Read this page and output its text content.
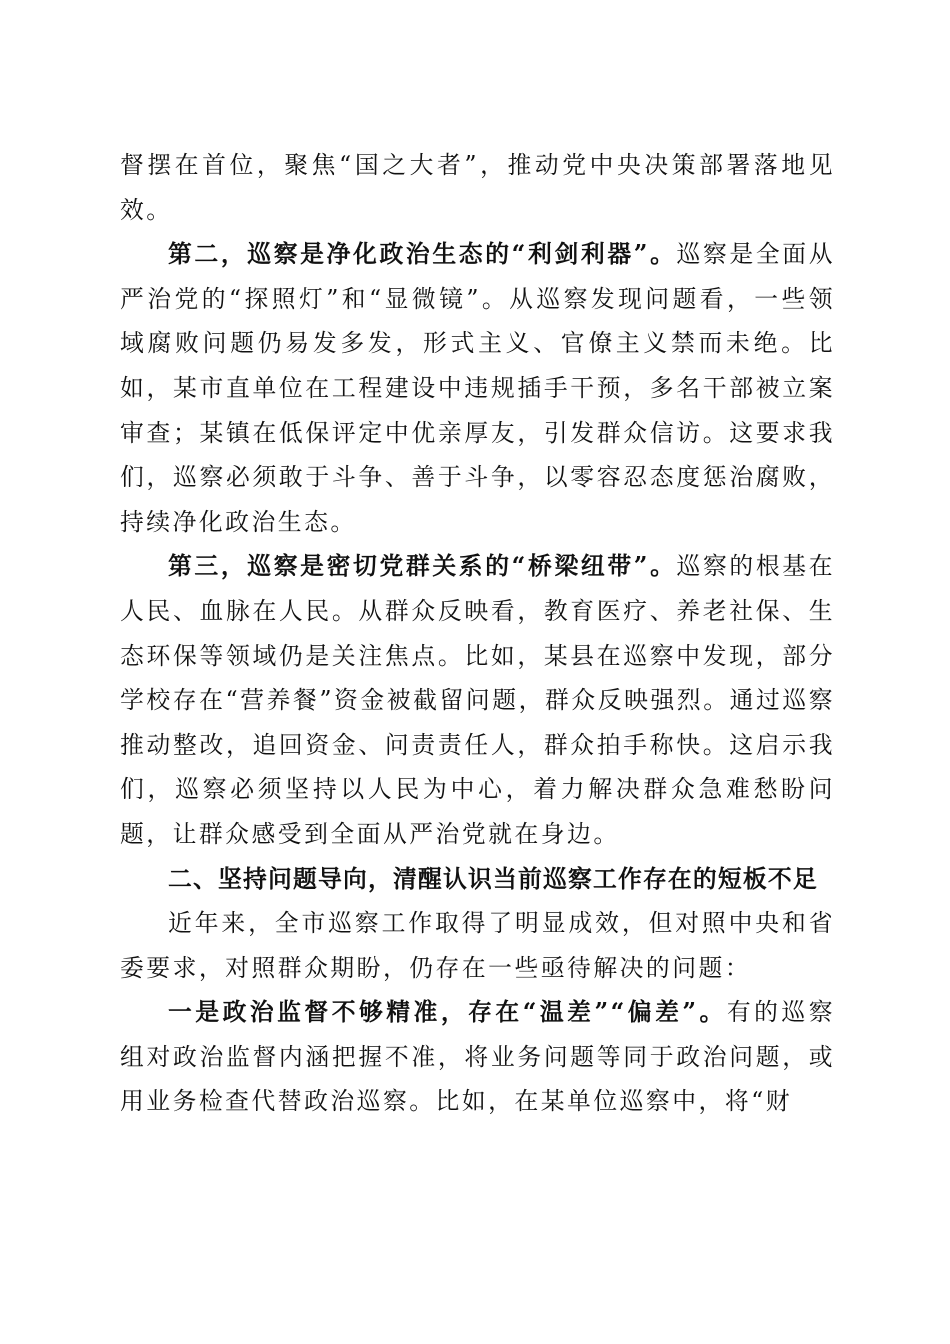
督摆在首位，聚焦“国之大者”，推动党中央决策部署落地见效。

第二，巡察是净化政治生态的“利剑利器”。巡察是全面从严治党的“探照灯”和“显微镜”。从巡察发现问题看，一些领域腐败问题仍易发多发，形式主义、官僚主义禁而未绝。比如，某市直单位在工程建设中违规插手干预，多名干部被立案审查；某镇在低保评定中优亲厚友，引发群众信访。这要求我们，巡察必须敢于斗争、善于斗争，以零容忍态度惩治腐败，持续净化政治生态。

第三，巡察是密切党群关系的“桥梁纽带”。巡察的根基在人民、血脉在人民。从群众反映看，教育医疗、养老社保、生态环保等领域仍是关注焦点。比如，某县在巡察中发现，部分学校存在“营养餐”资金被截留问题，群众反映强烈。通过巡察推动整改，追回资金、问责责任人，群众拍手称快。这启示我们，巡察必须坚持以人民为中心，着力解决群众急难愁盼问题，让群众感受到全面从严治党就在身边。

二、坚持问题导向，清醒认识当前巡察工作存在的短板不足

近年来，全市巡察工作取得了明显成效，但对照中央和省委要求，对照群众期盼，仍存在一些亟待解决的问题：

一是政治监督不够精准，存在“温差”“偏差”。有的巡察组对政治监督内涵把握不准，将业务问题等同于政治问题，或用业务检查代替政治巡察。比如，在某单位巡察中，将“财
